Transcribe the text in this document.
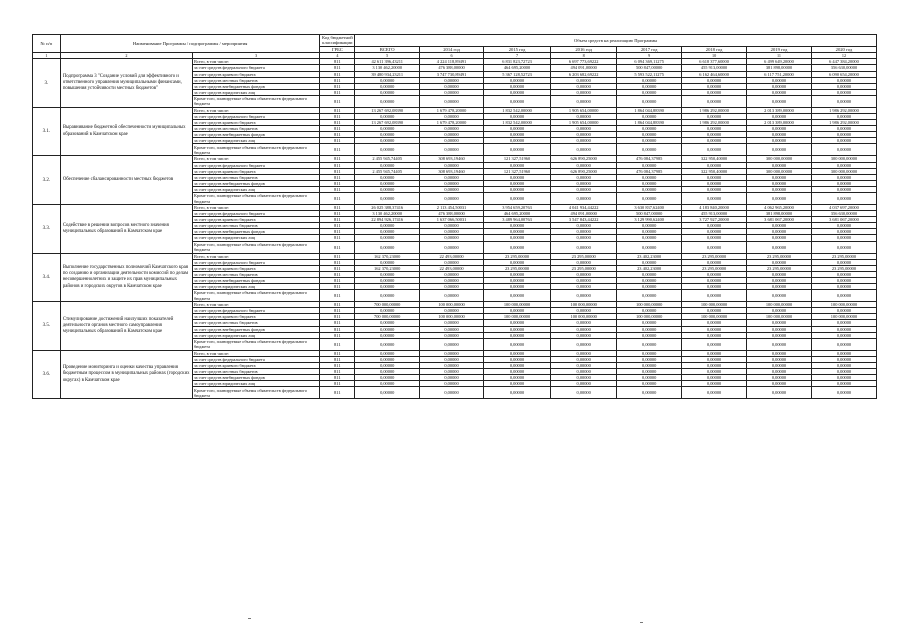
№ п/п	Наименование Программы / подпрограммы / мероприятия		Код бюджетной классификации	Объем средств на реализацию Программы							
			ГРБС	ВСЕГО	2014 год	2015 год	2016 год	2017 год	2018 год	2019 год	2020 год
1	2	3	4	5	6	7	8	9	10	11	12
3.	Подпрограмма 3 "Создание условий для эффективного и ответственного управления муниципальными финансами, повышения устойчивости местных бюджетов"	Всего, в том числе:	811	42 611 396,43211	4 224 118,89491	6 831 823,72723	6 697 773,69222	6 094 369,11275	6 618 377,60000	6 499 649,20000	6 447 384,20000
		за счет средств федерального бюджета	811	3 130 462,20000	476 388,00000	464 695,20000	494 091,00000	500 847,00000	455 913,00000	381 898,00000	356 630,00000
		за счет средств краевого бюджета	811	39 480 934,23211	3 747 730,89491	5 367 128,52723	6 203 682,69222	5 593 522,11275	6 162 464,60000	6 117 751,20000	6 090 654,20000
		за счет средств местных бюджетов	811	0,00000	0,00000	0,00000	0,00000	0,00000	0,00000	0,00000	0,00000
		за счет средств внебюджетных фондов	811	0,00000	0,00000	0,00000	0,00000	0,00000	0,00000	0,00000	0,00000
		за счет средств юридических лиц	811	0,00000	0,00000	0,00000	0,00000	0,00000	0,00000	0,00000	0,00000
		Кроме того, планируемые объемы обязательств федерального бюджета	811	0,00000	0,00000	0,00000	0,00000	0,00000	0,00000	0,00000	0,00000
3.1.	Выравнивание бюджетной обеспеченности муниципальных образований в Камчатском крае	Всего, в том числе:	811	13 267 692,08390	1 679 478,20000	1 832 542,00000	1 905 654,00000	1 864 044,88390	1 986 292,00000	2 013 389,00000	1 986 292,00000
		за счет средств федерального бюджета	811	0,00000	0,00000	0,00000	0,00000	0,00000	0,00000	0,00000	0,00000
		за счет средств краевого бюджета	811	13 267 692,08390	1 679 478,20000	1 832 542,00000	1 905 654,00000	1 864 044,88390	1 986 292,00000	2 013 389,00000	1 986 292,00000
		за счет средств местных бюджетов	811	0,00000	0,00000	0,00000	0,00000	0,00000	0,00000	0,00000	0,00000
		за счет средств внебюджетных фондов	811	0,00000	0,00000	0,00000	0,00000	0,00000	0,00000	0,00000	0,00000
		за счет средств юридических лиц	811	0,00000	0,00000	0,00000	0,00000	0,00000	0,00000	0,00000	0,00000
		Кроме того, планируемые объемы обязательств федерального бюджета	811	0,00000	0,00000	0,00000	0,00000	0,00000	0,00000	0,00000	0,00000
3.2.	Обеспечение сбалансированности местных бюджетов	Всего, в том числе:	811	2 455 945,74405	308 693,19460	121 327,51960	626 890,25000	476 084,37985	322 950,40000	300 000,00000	300 000,00000
		за счет средств федерального бюджета	811	0,00000	0,00000	0,00000	0,00000	0,00000	0,00000	0,00000	0,00000
		за счет средств краевого бюджета	811	2 455 945,74405	308 693,19460	121 327,51960	626 890,25000	476 084,37985	322 950,40000	300 000,00000	300 000,00000
		за счет средств местных бюджетов	811	0,00000	0,00000	0,00000	0,00000	0,00000	0,00000	0,00000	0,00000
		за счет средств внебюджетных фондов	811	0,00000	0,00000	0,00000	0,00000	0,00000	0,00000	0,00000	0,00000
		за счет средств юридических лиц	811	0,00000	0,00000	0,00000	0,00000	0,00000	0,00000	0,00000	0,00000
		Кроме того, планируемые объемы обязательств федерального бюджета	811	0,00000	0,00000	0,00000	0,00000	0,00000	0,00000	0,00000	0,00000
3.3.	Содействие в решении вопросов местного значения муниципальных образований в Камчатском крае	Всего, в том числе:	811	26 025 388,37416	2 113 454,50031	3 954 659,20763	4 041 934,44222	3 630 837,62400	4 183 840,20000	4 062 965,20000	4 037 697,20000
		за счет средств федерального бюджета	811	3 130 462,20000	476 388,00000	464 695,20000	494 091,00000	500 847,00000	455 913,00000	381 898,00000	356 630,00000
		за счет средств краевого бюджета	811	22 894 926,17416	1 637 066,50031	3 489 964,00763	3 547 843,44222	3 129 990,62400	3 727 927,20000	3 681 067,20000	3 681 067,20000
		за счет средств местных бюджетов	811	0,00000	0,00000	0,00000	0,00000	0,00000	0,00000	0,00000	0,00000
		за счет средств внебюджетных фондов	811	0,00000	0,00000	0,00000	0,00000	0,00000	0,00000	0,00000	0,00000
		за счет средств юридических лиц	811	0,00000	0,00000	0,00000	0,00000	0,00000	0,00000	0,00000	0,00000
		Кроме того, планируемые объемы обязательств федерального бюджета	811	0,00000	0,00000	0,00000	0,00000	0,00000	0,00000	0,00000	0,00000
3.4.	Выполнение государственных полномочий Камчатского края по созданию и организации деятельности комиссий по делам несовершеннолетних и защите их прав муниципальных районов и городских округов в Камчатском крае	Всего, в том числе:	811	162 370,23000	22 493,00000	23 295,00000	23 295,00000	23 402,23000	23 295,00000	23 295,00000	23 295,00000
		за счет средств федерального бюджета	811	0,00000	0,00000	0,00000	0,00000	0,00000	0,00000	0,00000	0,00000
		за счет средств краевого бюджета	811	162 370,23000	22 493,00000	23 295,00000	23 295,00000	23 402,23000	23 295,00000	23 295,00000	23 295,00000
		за счет средств местных бюджетов	811	0,00000	0,00000	0,00000	0,00000	0,00000	0,00000	0,00000	0,00000
		за счет средств внебюджетных фондов	811	0,00000	0,00000	0,00000	0,00000	0,00000	0,00000	0,00000	0,00000
		за счет средств юридических лиц	811	0,00000	0,00000	0,00000	0,00000	0,00000	0,00000	0,00000	0,00000
		Кроме того, планируемые объемы обязательств федерального бюджета	811	0,00000	0,00000	0,00000	0,00000	0,00000	0,00000	0,00000	0,00000
3.5.	Стимулирование достижений наилучших показателей деятельности органов местного самоуправления муниципальных образований в Камчатском крае	Всего, в том числе:	811	700 000,00000	100 000,00000	100 000,00000	100 000,00000	100 000,00000	100 000,00000	100 000,00000	100 000,00000
		за счет средств федерального бюджета	811	0,00000	0,00000	0,00000	0,00000	0,00000	0,00000	0,00000	0,00000
		за счет средств краевого бюджета	811	700 000,00000	100 000,00000	100 000,00000	100 000,00000	100 000,00000	100 000,00000	100 000,00000	100 000,00000
		за счет средств местных бюджетов	811	0,00000	0,00000	0,00000	0,00000	0,00000	0,00000	0,00000	0,00000
		за счет средств внебюджетных фондов	811	0,00000	0,00000	0,00000	0,00000	0,00000	0,00000	0,00000	0,00000
		за счет средств юридических лиц	811	0,00000	0,00000	0,00000	0,00000	0,00000	0,00000	0,00000	0,00000
		Кроме того, планируемые объемы обязательств федерального бюджета	811	0,00000	0,00000	0,00000	0,00000	0,00000	0,00000	0,00000	0,00000
3.6.	Проведение мониторинга и оценки качества управления бюджетным процессом в муниципальных районах (городских округах) в Камчатском крае	Всего, в том числе:	811	0,00000	0,00000	0,00000	0,00000	0,00000	0,00000	0,00000	0,00000
		за счет средств федерального бюджета	811	0,00000	0,00000	0,00000	0,00000	0,00000	0,00000	0,00000	0,00000
		за счет средств краевого бюджета	811	0,00000	0,00000	0,00000	0,00000	0,00000	0,00000	0,00000	0,00000
		за счет средств местных бюджетов	811	0,00000	0,00000	0,00000	0,00000	0,00000	0,00000	0,00000	0,00000
		за счет средств внебюджетных фондов	811	0,00000	0,00000	0,00000	0,00000	0,00000	0,00000	0,00000	0,00000
		за счет средств юридических лиц	811	0,00000	0,00000	0,00000	0,00000	0,00000	0,00000	0,00000	0,00000
		Кроме того, планируемые объемы обязательств федерального бюджета	811	0,00000	0,00000	0,00000	0,00000	0,00000	0,00000	0,00000	0,00000
